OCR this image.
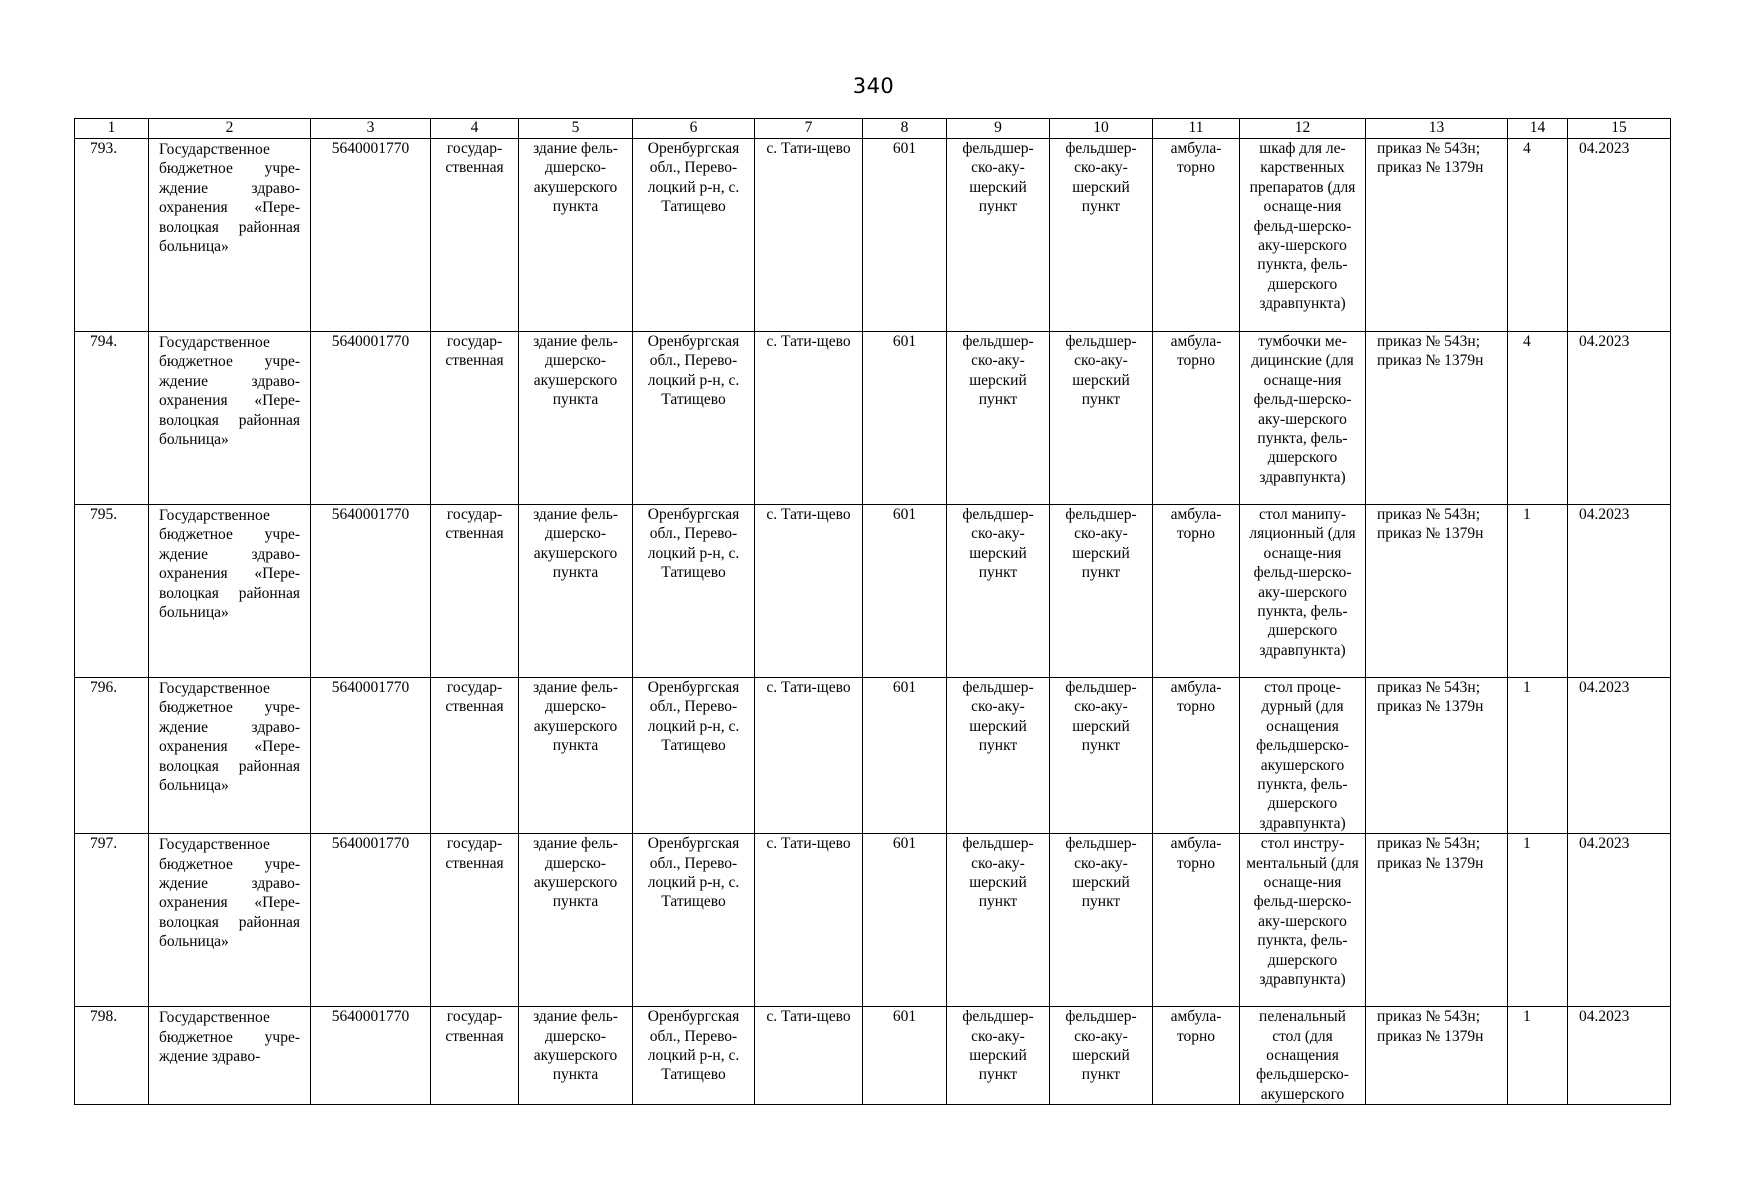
340
1	2	3	4	5	6	7	8	9	10	11	12	13	14	15
793.	Государственное бюджетное учре-ждение здраво-охранения «Пере-волоцкая районная больница»	5640001770	государ-ственная	здание фель-дшерско-акушерского пункта	Оренбургская обл., Перево-лоцкий р-н, с. Татищево	с. Тати-щево	601	фельдшер-ско-аку-шерский пункт	фельдшер-ско-аку-шерский пункт	амбула-торно	шкаф для ле-карственных препаратов (для оснаще-ния фельд-шерско-аку-шерского пункта, фель-дшерского здравпункта)	приказ № 543н; приказ № 1379н	4	04.2023
794.	Государственное бюджетное учре-ждение здраво-охранения «Пере-волоцкая районная больница»	5640001770	государ-ственная	здание фель-дшерско-акушерского пункта	Оренбургская обл., Перево-лоцкий р-н, с. Татищево	с. Тати-щево	601	фельдшер-ско-аку-шерский пункт	фельдшер-ско-аку-шерский пункт	амбула-торно	тумбочки ме-дицинские (для оснаще-ния фельд-шерско-аку-шерского пункта, фель-дшерского здравпункта)	приказ № 543н; приказ № 1379н	4	04.2023
795.	Государственное бюджетное учре-ждение здраво-охранения «Пере-волоцкая районная больница»	5640001770	государ-ственная	здание фель-дшерско-акушерского пункта	Оренбургская обл., Перево-лоцкий р-н, с. Татищево	с. Тати-щево	601	фельдшер-ско-аку-шерский пункт	фельдшер-ско-аку-шерский пункт	амбула-торно	стол манипу-ляционный (для оснаще-ния фельд-шерско-аку-шерского пункта, фель-дшерского здравпункта)	приказ № 543н; приказ № 1379н	1	04.2023
796.	Государственное бюджетное учре-ждение здраво-охранения «Пере-волоцкая районная больница»	5640001770	государ-ственная	здание фель-дшерско-акушерского пункта	Оренбургская обл., Перево-лоцкий р-н, с. Татищево	с. Тати-щево	601	фельдшер-ско-аку-шерский пункт	фельдшер-ско-аку-шерский пункт	амбула-торно	стол проце-дурный (для оснащения фельдшерско-акушерского пункта, фель-дшерского здравпункта)	приказ № 543н; приказ № 1379н	1	04.2023
797.	Государственное бюджетное учре-ждение здраво-охранения «Пере-волоцкая районная больница»	5640001770	государ-ственная	здание фель-дшерско-акушерского пункта	Оренбургская обл., Перево-лоцкий р-н, с. Татищево	с. Тати-щево	601	фельдшер-ско-аку-шерский пункт	фельдшер-ско-аку-шерский пункт	амбула-торно	стол инстру-ментальный (для оснаще-ния фельд-шерско-аку-шерского пункта, фель-дшерского здравпункта)	приказ № 543н; приказ № 1379н	1	04.2023
798.	Государственное бюджетное учре-ждение здраво-	5640001770	государ-ственная	здание фель-дшерско-акушерского пункта	Оренбургская обл., Перево-лоцкий р-н, с. Татищево	с. Тати-щево	601	фельдшер-ско-аку-шерский пункт	фельдшер-ско-аку-шерский пункт	амбула-торно	пеленальный стол (для оснащения фельдшерско-акушерского	приказ № 543н; приказ № 1379н	1	04.2023
